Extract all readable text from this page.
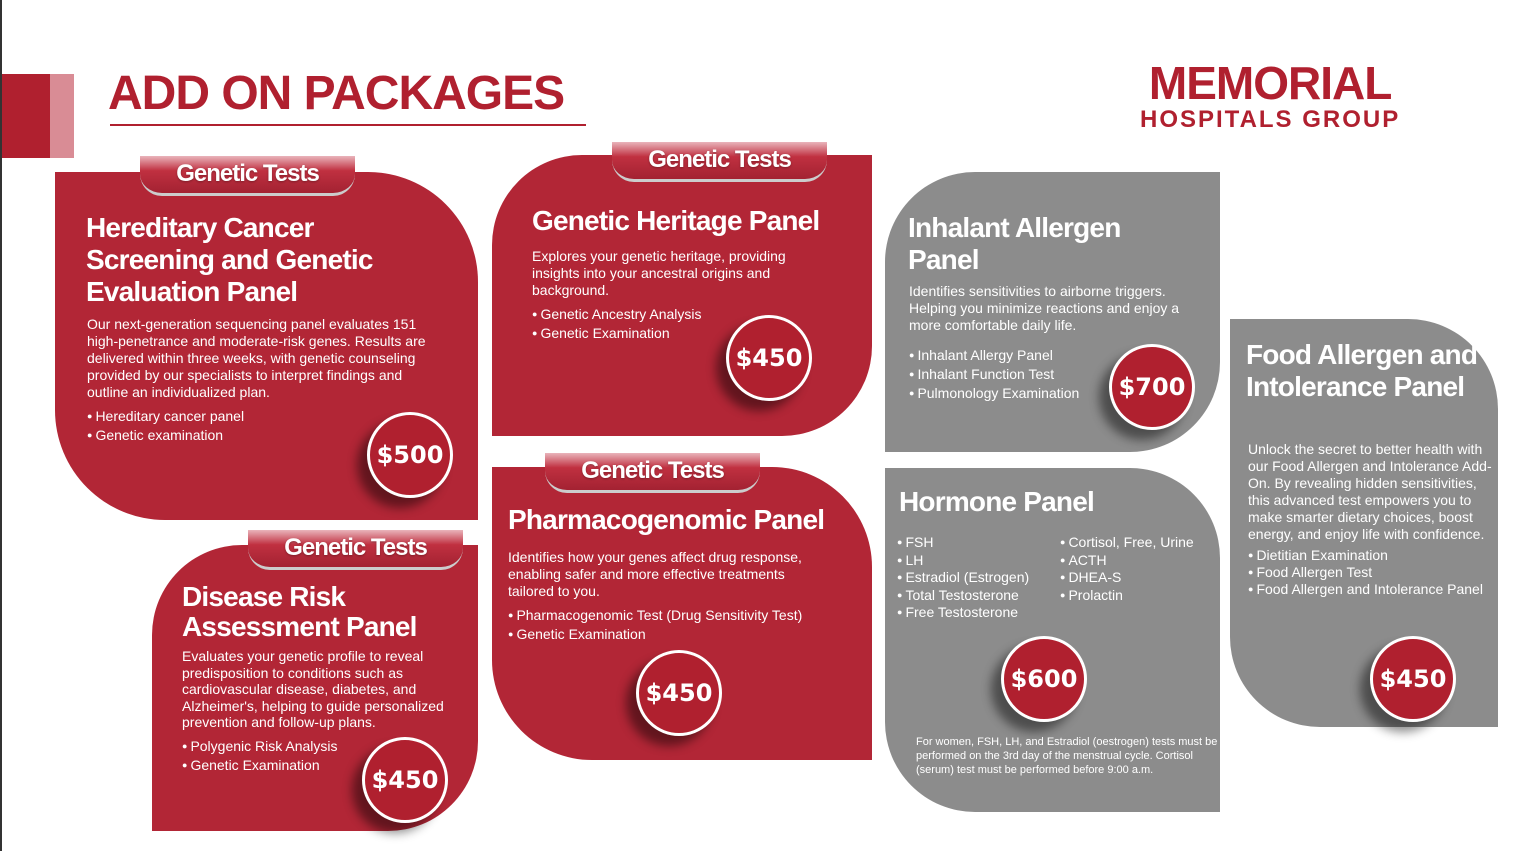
ADD ON PACKAGES	MEMORIAL
HOSPITALS GROUP
Hereditary Cancer Screening and Genetic Evaluation Panel

Our next-generation sequencing panel evaluates 151 high-penetrance and moderate-risk genes. Results are delivered within three weeks, with genetic counseling provided by our specialists to interpret findings and outline an individualized plan.

● Hereditary cancer panel
● Genetic examination
$500
Genetic Tests
Genetic Heritage Panel

Explores your genetic heritage, providing insights into your ancestral origins and background.

● Genetic Ancestry Analysis
● Genetic Examination
$450
Genetic Tests
Disease Risk Assessment Panel

Evaluates your genetic profile to reveal predisposition to conditions such as cardiovascular disease, diabetes, and Alzheimer's, helping to guide personalized prevention and follow-up plans.

● Polygenic Risk Analysis
● Genetic Examination
$450
Genetic Tests
Pharmacogenomic Panel

Identifies how your genes affect drug response, enabling safer and more effective treatments tailored to you.

● Pharmacogenomic Test (Drug Sensitivity Test)
● Genetic Examination
$450
Genetic Tests
Inhalant Allergen Panel

Identifies sensitivities to airborne triggers. Helping you minimize reactions and enjoy a more comfortable daily life.

● Inhalant Allergy Panel
● Inhalant Function Test
● Pulmonology Examination	$700
Hormone Panel
● FSH
● LH
● Estradiol (Estrogen)
● Total Testosterone
● Free Testosterone
● Cortisol, Free, Urine
● ACTH
● DHEA-S
● Prolactin
$600
For women, FSH, LH, and Estradiol (oestrogen) tests must be performed on the 3rd day of the menstrual cycle. Cortisol (serum) test must be performed before 9:00 a.m.
Food Allergen and Intolerance Panel

Unlock the secret to better health with our Food Allergen and Intolerance Add-On. By revealing hidden sensitivities, this advanced test empowers you to make smarter dietary choices, boost energy, and enjoy life with confidence.

● Dietitian Examination
● Food Allergen Test
● Food Allergen and Intolerance Panel
$450
